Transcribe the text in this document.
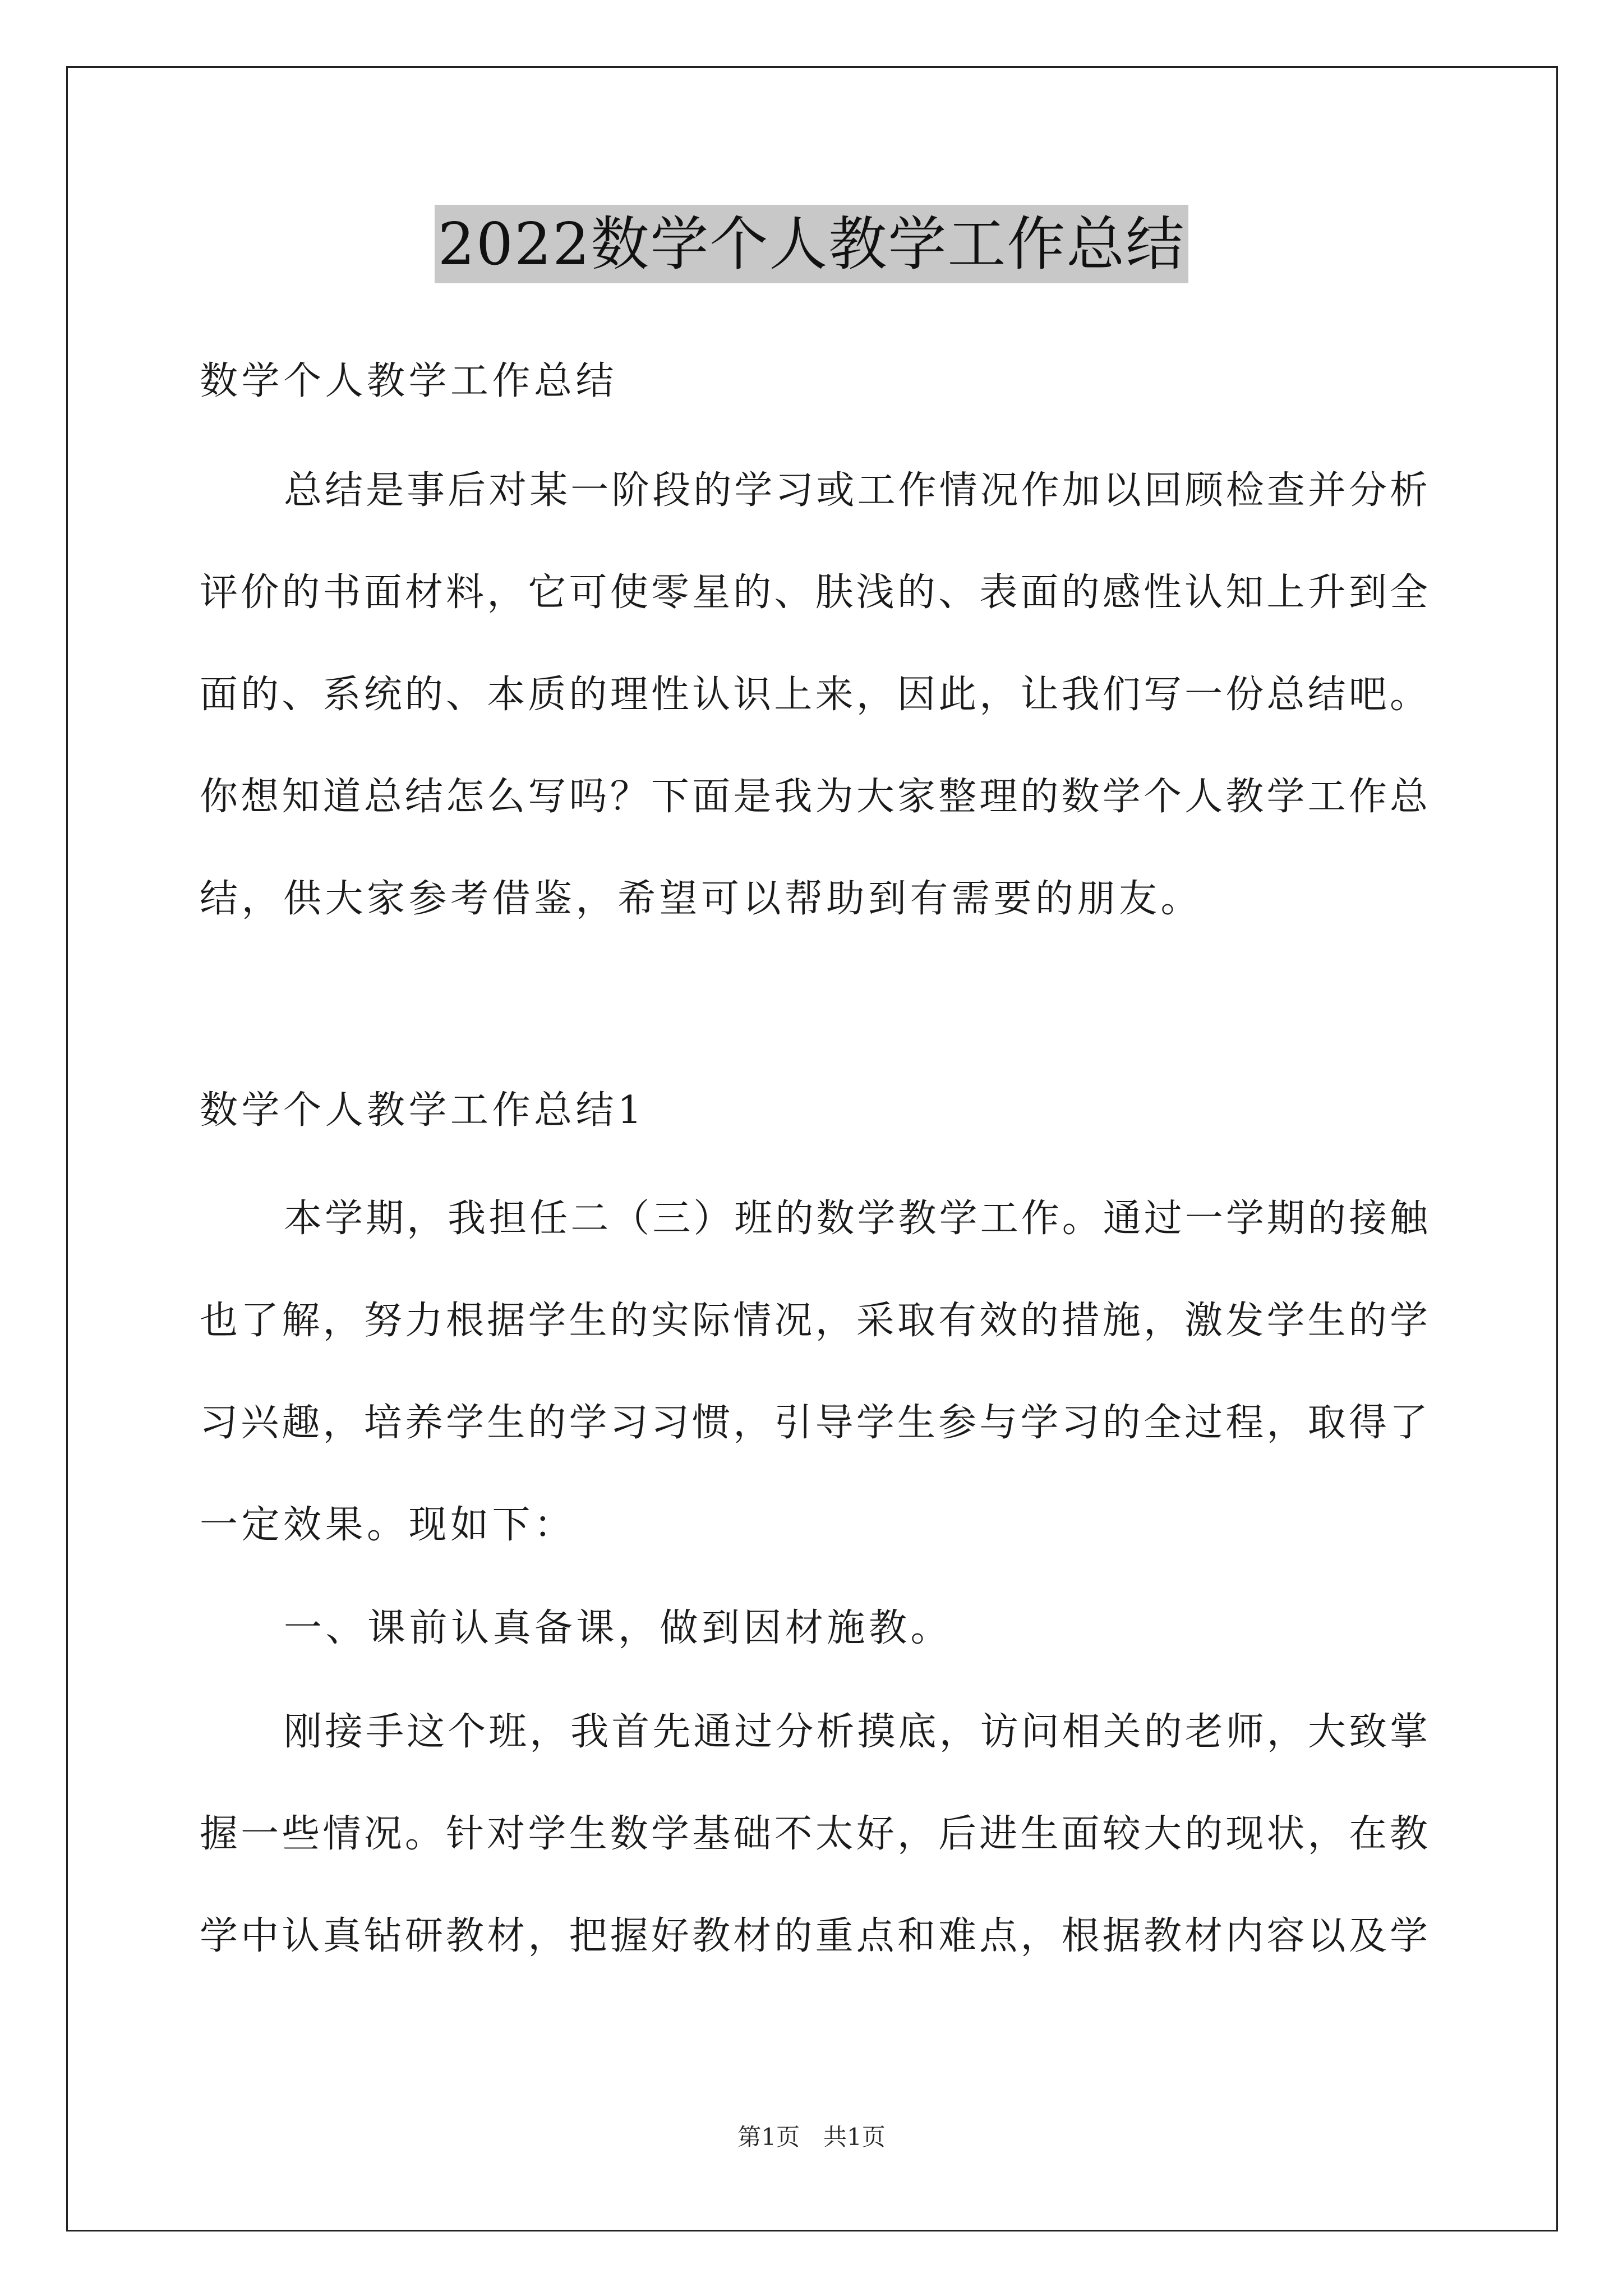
2022数学个人教学工作总结
数学个人教学工作总结
总结是事后对某一阶段的学习或工作情况作加以回顾检查并分析
评价的书面材料，它可使零星的、肤浅的、表面的感性认知上升到全
面的、系统的、本质的理性认识上来，因此，让我们写一份总结吧。
你想知道总结怎么写吗？下面是我为大家整理的数学个人教学工作总
结，供大家参考借鉴，希望可以帮助到有需要的朋友。
数学个人教学工作总结1
本学期，我担任二（三）班的数学教学工作。通过一学期的接触
也了解，努力根据学生的实际情况，采取有效的措施，激发学生的学
习兴趣，培养学生的学习习惯，引导学生参与学习的全过程，取得了
一定效果。现如下：
一、课前认真备课，做到因材施教。
刚接手这个班，我首先通过分析摸底，访问相关的老师，大致掌
握一些情况。针对学生数学基础不太好，后进生面较大的现状，在教
学中认真钻研教材，把握好教材的重点和难点，根据教材内容以及学
第1页　共1页
